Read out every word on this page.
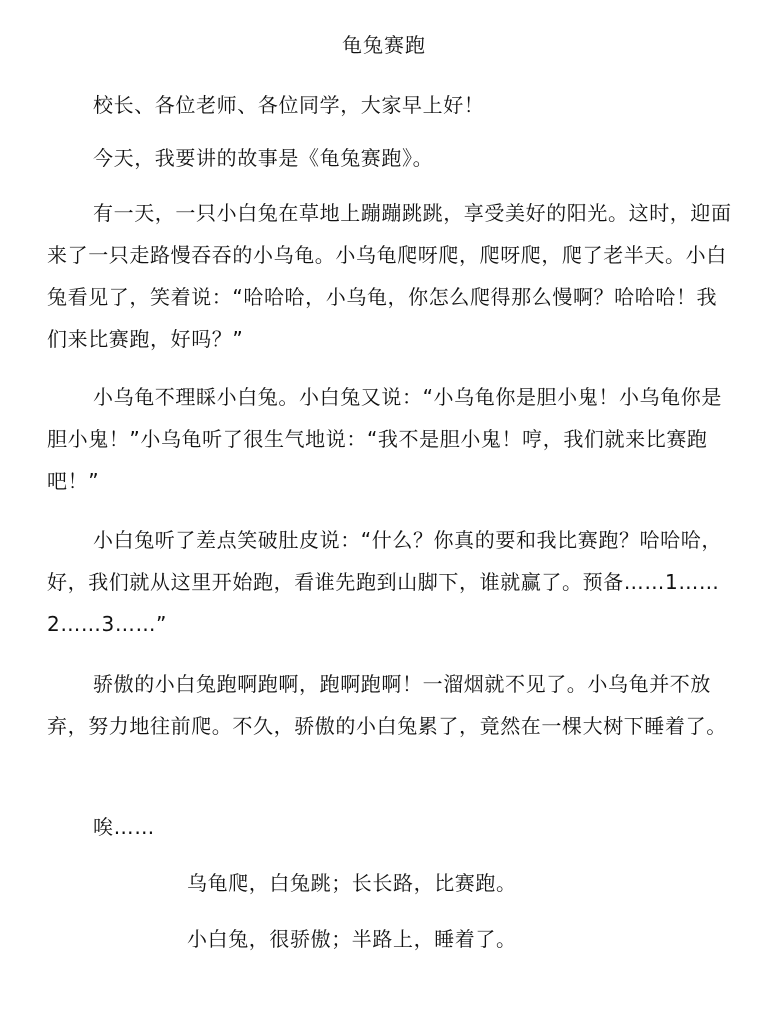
龟兔赛跑

校长、各位老师、各位同学，大家早上好！

今天，我要讲的故事是《龟兔赛跑》。

有一天，一只小白兔在草地上蹦蹦跳跳，享受美好的阳光。这时，迎面来了一只走路慢吞吞的小乌龟。小乌龟爬呀爬，爬呀爬，爬了老半天。小白兔看见了，笑着说：“哈哈哈，小乌龟，你怎么爬得那么慢啊？哈哈哈！我们来比赛跑，好吗？”

小乌龟不理睬小白兔。小白兔又说：“小乌龟你是胆小鬼！小乌龟你是胆小鬼！”小乌龟听了很生气地说：“我不是胆小鬼！哼，我们就来比赛跑吧！”

小白兔听了差点笑破肚皮说：“什么？你真的要和我比赛跑？哈哈哈，好，我们就从这里开始跑，看谁先跑到山脚下，谁就赢了。预备……1……2……3……”

骄傲的小白兔跑啊跑啊，跑啊跑啊！一溜烟就不见了。小乌龟并不放弃，努力地往前爬。不久，骄傲的小白兔累了，竟然在一棵大树下睡着了。

唉……

乌龟爬，白兔跳；长长路，比赛跑。
小白兔，很骄傲；半路上，睡着了。
